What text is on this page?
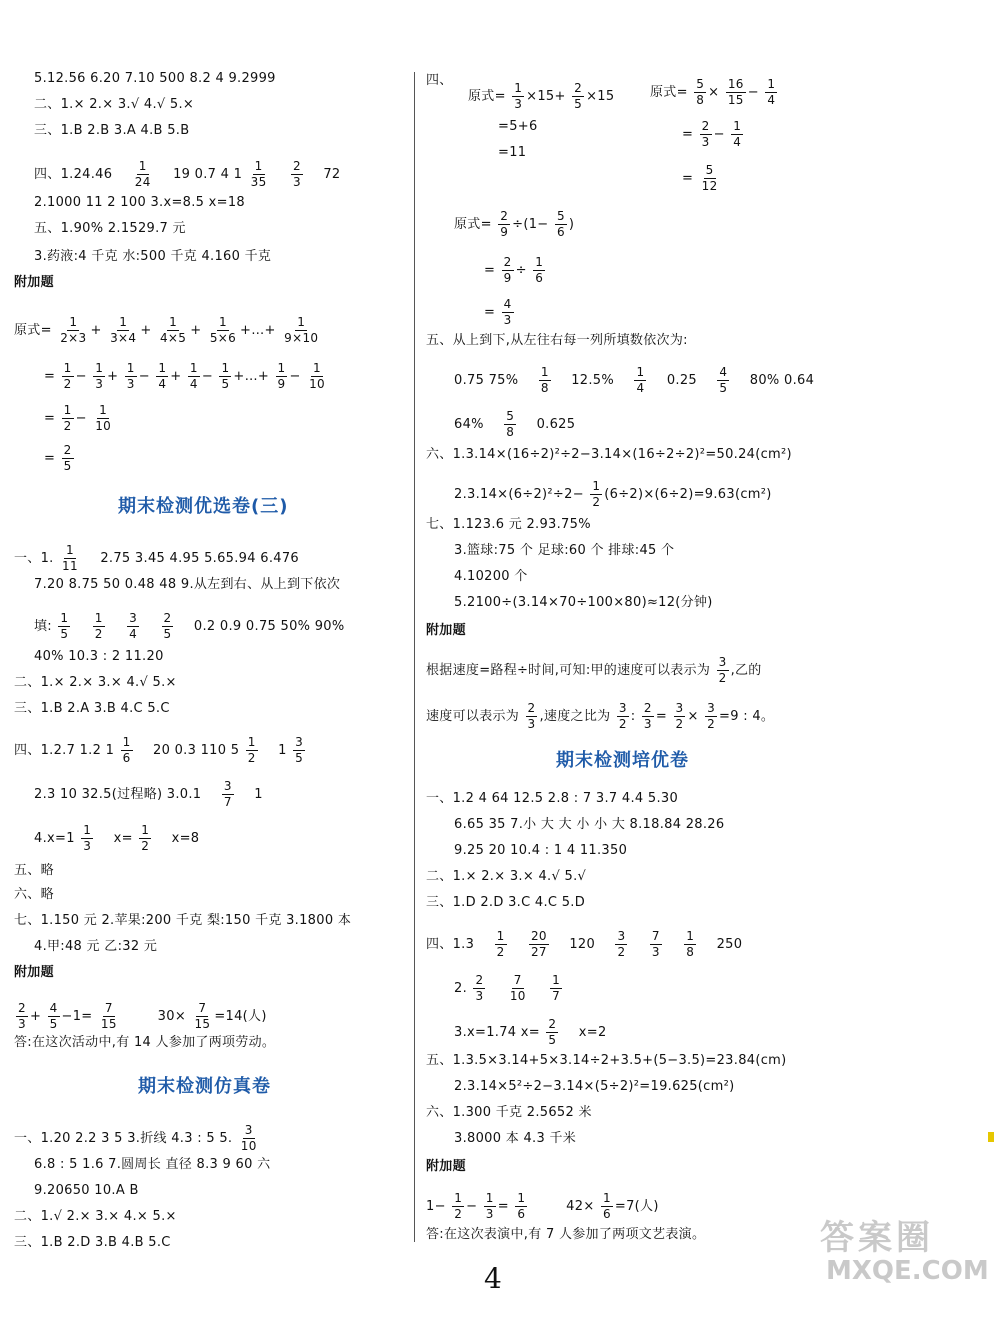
5.12.56 6.20 7.10 500 8.2 4 9.2999
二、1.× 2.× 3.√ 4.√ 5.×
三、1.B 2.B 3.A 4.B 5.B
四、$1.24.46 \frac{1}{24} 19$ 0.7 4 $1 \frac{1}{35}$
$\frac{2}{3} 72$
2.1000 11 2 100 3.x=8.5 x=18
五、1.90% 2.1529.7 元
3.药液:4 千克 水:500 千克 4.160 千克
附加题
原式= $\frac{1}{2\times 3} + \frac{1}{3\times 4} + \frac{1}{4\times 5} + \frac{1}{5\times 6}$ +…+ $\frac{1}{9\times 10}$
= $\frac{1}{2} - \frac{1}{3} + \frac{1}{3} - \frac{1}{4} + \frac{1}{4} - \frac{1}{5}$ +…+ $\frac{1}{9} - \frac{1}{10}$
= $\frac{1}{2} - \frac{1}{10}$
= $\frac{2}{5}$
期末检测优选卷(三)
一、1. $\frac{1}{11} 2.75$ 3.45 4.95 5.65.94 6.476
7.20 8.75 50 0.48 48 9.从左到右、从上到下依次
填: $\frac{1}{5}$
$\frac{1}{2}$
$\frac{3}{4}$
$\frac{2}{5} 0.2$ 0.9 0.75 50% 90%
40% 10.3 : 2 11.20
二、1.× 2.× 3.× 4.√ 5.×
三、1.B 2.A 3.B 4.C 5.C
四、1.2.7 1.2 $1 \frac{1}{6} 20$ 0.3 110 $5 \frac{1}{2} 1 \frac{3}{5}$
2.3 10 32.5(过程略) $3.0.1 \frac{3}{7} 1$
$4.x=1 \frac{1}{3} x= \frac{1}{2} x=8$
五、略
六、略
七、1.150 元 2.苹果:200 千克 梨:150 千克 3.1800 本
4.甲:48 元 乙:32 元
附加题
$\frac{2}{3} + \frac{4}{5} -1= \frac{7}{15}$	$30\times \frac{7}{15} =14$(人)
答:在这次活动中,有 14 人参加了两项劳动。
期末检测仿真卷
一、1.20 2.2 3 5 3.折线 4.3 : 5 5. $\frac{3}{10}$
6.8 : 5 1.6 7.圆周长 直径 8.3 9 60 六
9.20650 10.A B
二、1.√ 2.× 3.× 4.× 5.×
三、1.B 2.D 3.B 4.B 5.C
四、
原式= $\frac{1}{3} \times 15+ \frac{2}{5} \times 15$
=5+6
=11
原式= $\frac{5}{8} \times \frac{16}{15} - \frac{1}{4}$
= $\frac{2}{3} - \frac{1}{4}$
= $\frac{5}{12}$
原式= $\frac{2}{9} \div(1- \frac{5}{6}$ )
= $\frac{2}{9} \div \frac{1}{6}$
= $\frac{4}{3}$
五、从上到下,从左往右每一列所填数依次为:
0.75 $75\% \frac{1}{8} 12.5\% \frac{1}{4} 0.25 \frac{4}{5} 80\%$ 0.64
$64\% \frac{5}{8} 0.625$
六、1.3.14×(16÷2)²÷2−3.14×(16÷2÷2)²=50.24(cm²)
$2.3.14\times(6\div 2)^2\div 2- \frac{1}{2} (6\div 2)\times(6\div 2)=9.63(cm^2)$
七、1.123.6 元 2.93.75%
3.篮球:75 个 足球:60 个 排球:45 个
4.10200 个
5.2100÷(3.14×70÷100×80)≈12(分钟)
附加题
根据速度=路程÷时间,可知:甲的速度可以表示为 $\frac{3}{2}$ ,乙的
速度可以表示为 $\frac{2}{3}$ ,速度之比为 $\frac{3}{2}$ : $\frac{2}{3} = \frac{3}{2} \times \frac{3}{2} =9$ : 4。
期末检测培优卷
一、1.2 4 64 12.5 2.8 : 7 3.7 4.4 5.30
6.65 35 7.小 大 大 小 小 大 8.18.84 28.26
9.25 20 10.4 : 1 4 11.350
二、1.× 2.× 3.× 4.√ 5.√
三、1.D 2.D 3.C 4.C 5.D
四、$1.3 \frac{1}{2}$
$\frac{20}{27} 120 \frac{3}{2}$
$\frac{7}{3}$
$\frac{1}{8} 250$
2. $\frac{2}{3}$
$\frac{7}{10}$
$\frac{1}{7}$
3.x=1.74 $x= \frac{2}{5} x=2$
五、1.3.5×3.14+5×3.14÷2+3.5+(5−3.5)=23.84(cm)
2.3.14×5²÷2−3.14×(5÷2)²=19.625(cm²)
六、1.300 千克 2.5652 米
3.8000 本 4.3 千米
附加题
$1- \frac{1}{2} - \frac{1}{3} = \frac{1}{6}$	$42\times \frac{1}{6} =7$(人)
答:在这次表演中,有 7 人参加了两项文艺表演。
4
答案圈
MXQE.COM
